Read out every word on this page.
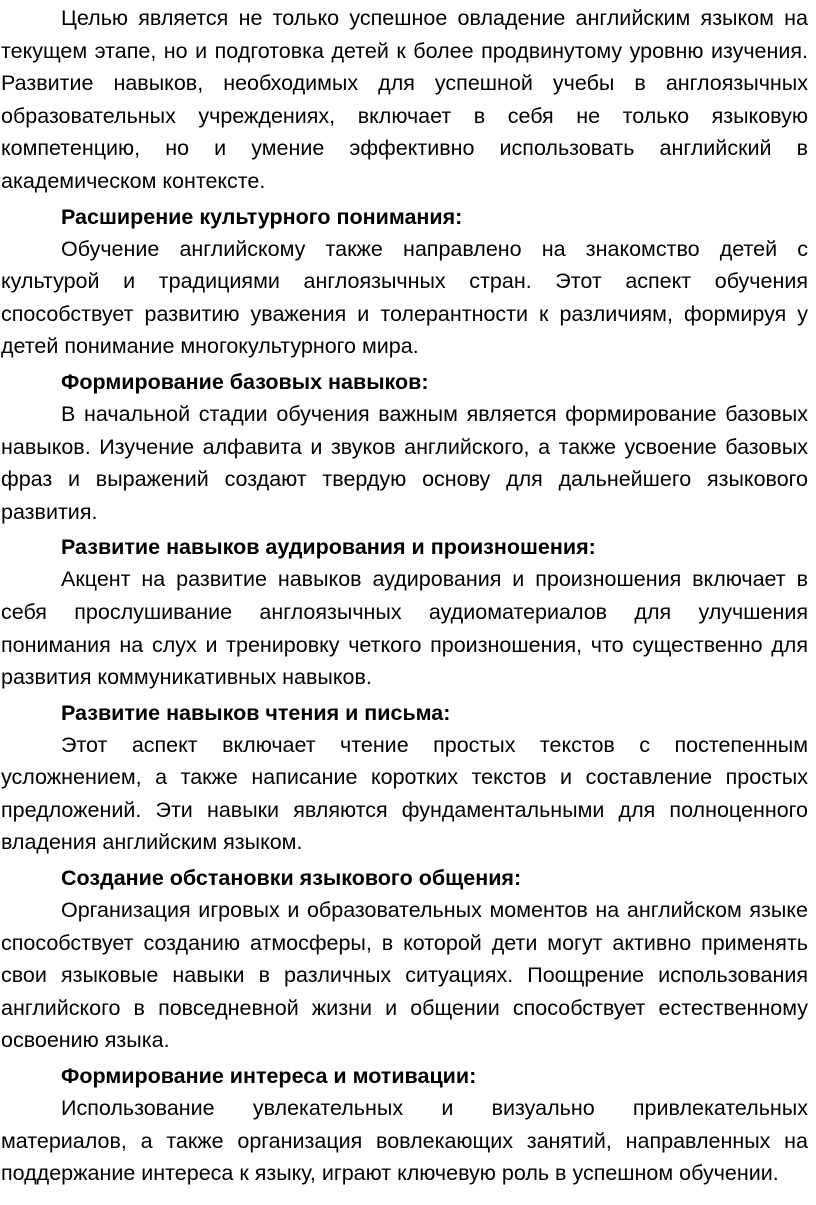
Целью является не только успешное овладение английским языком на текущем этапе, но и подготовка детей к более продвинутому уровню изучения. Развитие навыков, необходимых для успешной учебы в англоязычных образовательных учреждениях, включает в себя не только языковую компетенцию, но и умение эффективно использовать английский в академическом контексте.

Расширение культурного понимания:

Обучение английскому также направлено на знакомство детей с культурой и традициями англоязычных стран. Этот аспект обучения способствует развитию уважения и толерантности к различиям, формируя у детей понимание многокультурного мира.

Формирование базовых навыков:

В начальной стадии обучения важным является формирование базовых навыков. Изучение алфавита и звуков английского, а также усвоение базовых фраз и выражений создают твердую основу для дальнейшего языкового развития.

Развитие навыков аудирования и произношения:

Акцент на развитие навыков аудирования и произношения включает в себя прослушивание англоязычных аудиоматериалов для улучшения понимания на слух и тренировку четкого произношения, что существенно для развития коммуникативных навыков.

Развитие навыков чтения и письма:

Этот аспект включает чтение простых текстов с постепенным усложнением, а также написание коротких текстов и составление простых предложений. Эти навыки являются фундаментальными для полноценного владения английским языком.

Создание обстановки языкового общения:

Организация игровых и образовательных моментов на английском языке способствует созданию атмосферы, в которой дети могут активно применять свои языковые навыки в различных ситуациях. Поощрение использования английского в повседневной жизни и общении способствует естественному освоению языка.

Формирование интереса и мотивации:

Использование увлекательных и визуально привлекательных материалов, а также организация вовлекающих занятий, направленных на поддержание интереса к языку, играют ключевую роль в успешном обучении.
